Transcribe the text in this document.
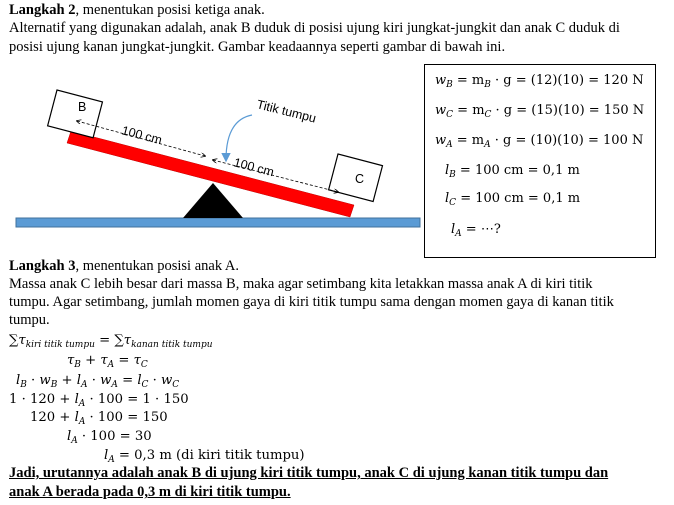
Langkah 2, menentukan posisi ketiga anak.
Alternatif yang digunakan adalah, anak B duduk di posisi ujung kiri jungkat-jungkit dan anak C duduk di
posisi ujung kanan jungkat-jungkit. Gambar keadaannya seperti gambar di bawah ini.
B
C
100 cm
100 cm
Titik tumpu
$w_B = m_B \cdot g = (12)(10) = 120$ N
$w_C = m_C \cdot g = (15)(10) = 150$ N
$w_A = m_A \cdot g = (10)(10) = 100$ N
$l_B = 100$ cm = 0,1 m
$l_C = 100$ cm = 0,1 m
$l_A$ = ⋯?
Langkah 3, menentukan posisi anak A.
Massa anak C lebih besar dari massa B, maka agar setimbang kita letakkan massa anak A di kiri titik
tumpu. Agar setimbang, jumlah momen gaya di kiri titik tumpu sama dengan momen gaya di kanan titik
tumpu.
$\sum\tau_{kiri titik tumpu} = \sum\tau_{kanan titik tumpu}$
$\tau_B + \tau_A = \tau_C$
$l_B \cdot w_B + l_A \cdot w_A = l_C \cdot w_C$
$1 \cdot 120 + l_A \cdot 100 = 1 \cdot 150$
$120 + l_A \cdot 100 = 150$
$l_A \cdot 100 = 30$
$l_A = 0,3$ m (di kiri titik tumpu)
Jadi, urutannya adalah anak B di ujung kiri titik tumpu, anak C di ujung kanan titik tumpu dan
anak A berada pada 0,3 m di kiri titik tumpu.
